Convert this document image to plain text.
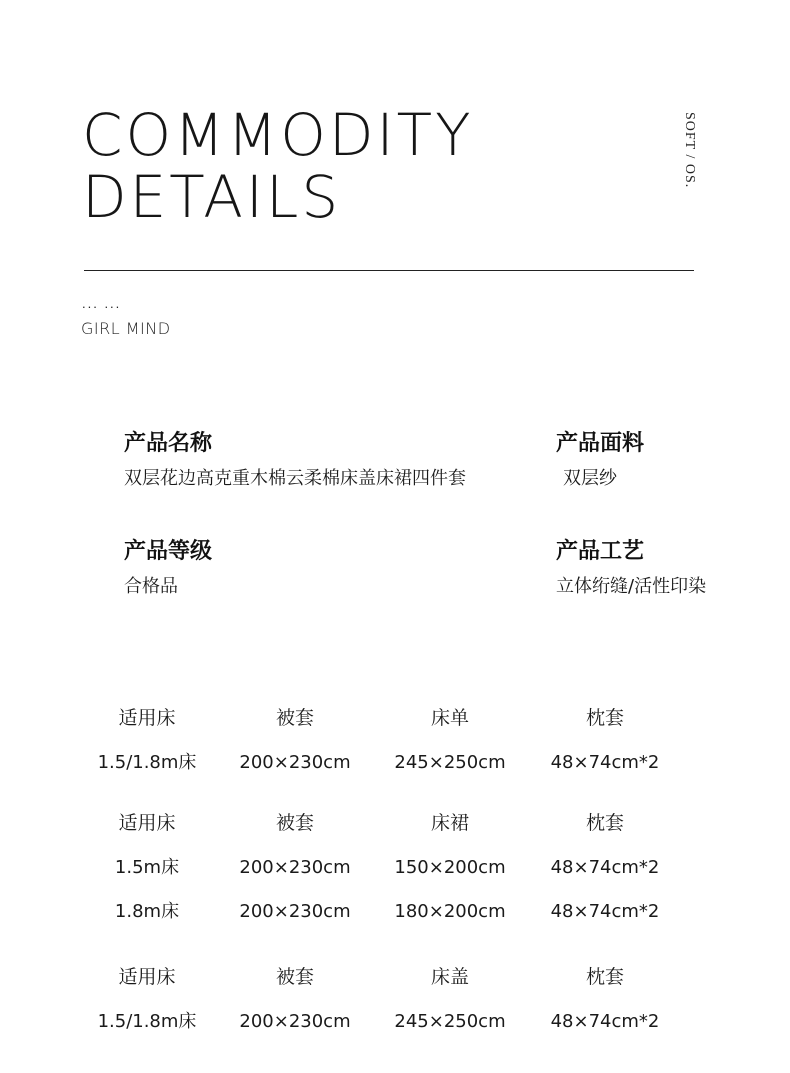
COMMODITY
DETAILS
SOFT / OS.
... ...
GIRL MIND
产品名称
双层花边高克重木棉云柔棉床盖床裙四件套
产品面料
双层纱
产品等级
合格品
产品工艺
立体绗缝/活性印染
适用床	被套	床单	枕套
1.5/1.8m床	200×230cm	245×250cm	48×74cm*2
适用床	被套	床裙	枕套
1.5m床	200×230cm	150×200cm	48×74cm*2
1.8m床	200×230cm	180×200cm	48×74cm*2
适用床	被套	床盖	枕套
1.5/1.8m床	200×230cm	245×250cm	48×74cm*2
